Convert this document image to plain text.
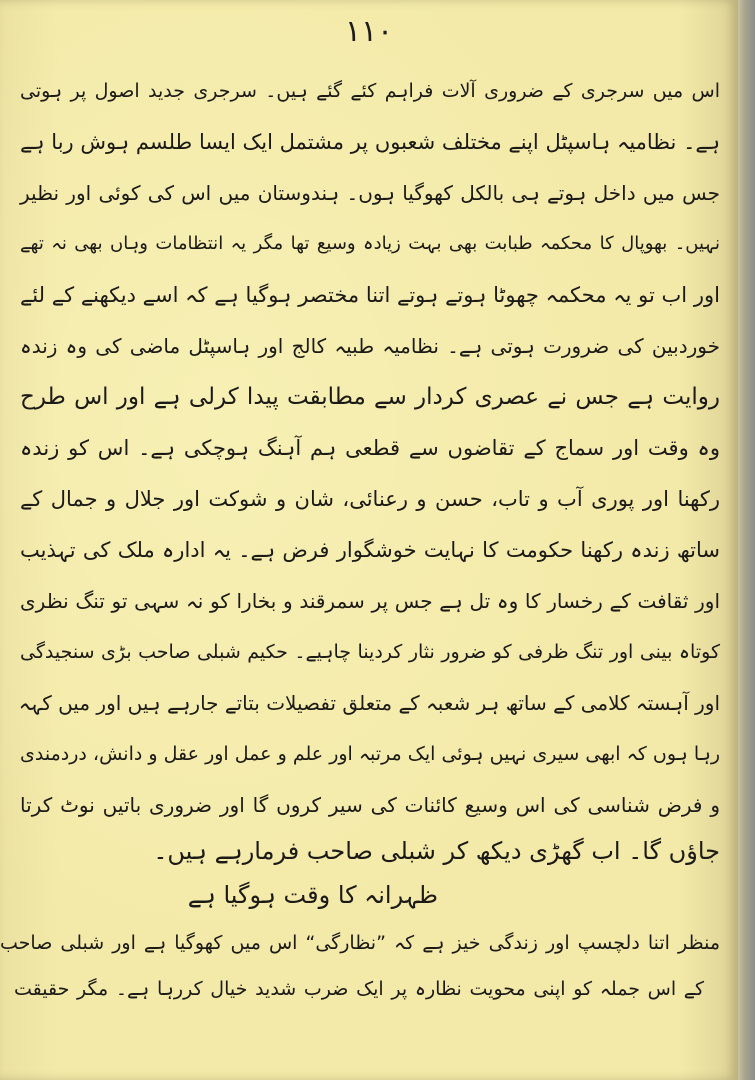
۱۱۰
اس میں سرجری کے ضروری آلات فراہم کئے گئے ہیں۔ سرجری جدید اصول پر ہوتی
ہے۔ نظامیہ ہاسپٹل اپنے مختلف شعبوں پر مشتمل ایک ایسا طلسم ہوش ربا ہے
جس میں داخل ہوتے ہی بالکل کھوگیا ہوں۔ ہندوستان میں اس کی کوئی اور نظیر
نہیں۔ بھوپال کا محکمہ طبابت بھی بہت زیادہ وسیع تھا مگر یہ انتظامات وہاں بھی نہ تھے
اور اب تو یہ محکمہ چھوٹا ہوتے ہوتے اتنا مختصر ہوگیا ہے کہ اسے دیکھنے کے لئے
خوردبین کی ضرورت ہوتی ہے۔ نظامیہ طبیہ کالج اور ہاسپٹل ماضی کی وہ زندہ
روایت ہے جس نے عصری کردار سے مطابقت پیدا کرلی ہے اور اس طرح
وہ وقت اور سماج کے تقاضوں سے قطعی ہم آہنگ ہوچکی ہے۔ اس کو زندہ
رکھنا اور پوری آب و تاب، حسن و رعنائی، شان و شوکت اور جلال و جمال کے
ساتھ زندہ رکھنا حکومت کا نہایت خوشگوار فرض ہے۔ یہ ادارہ ملک کی تہذیب
اور ثقافت کے رخسار کا وہ تل ہے جس پر سمرقند و بخارا کو نہ سہی تو تنگ نظری
کوتاہ بینی اور تنگ ظرفی کو ضرور نثار کردینا چاہیے۔ حکیم شبلی صاحب بڑی سنجیدگی
اور آہستہ کلامی کے ساتھ ہر شعبہ کے متعلق تفصیلات بتاتے جارہے ہیں اور میں کہہ
رہا ہوں کہ ابھی سیری نہیں ہوئی ایک مرتبہ اور علم و عمل اور عقل و دانش، دردمندی
و فرض شناسی کی اس وسیع کائنات کی سیر کروں گا اور ضروری باتیں نوٹ کرتا
جاؤں گا۔ اب گھڑی دیکھ کر شبلی صاحب فرمارہے ہیں۔
ظہرانہ کا وقت ہوگیا ہے
منظر اتنا دلچسپ اور زندگی خیز ہے کہ ”نظارگی“ اس میں کھوگیا ہے اور شبلی صاحب
کے اس جملہ کو اپنی محویت نظارہ پر ایک ضرب شدید خیال کررہا ہے۔ مگر حقیقت
